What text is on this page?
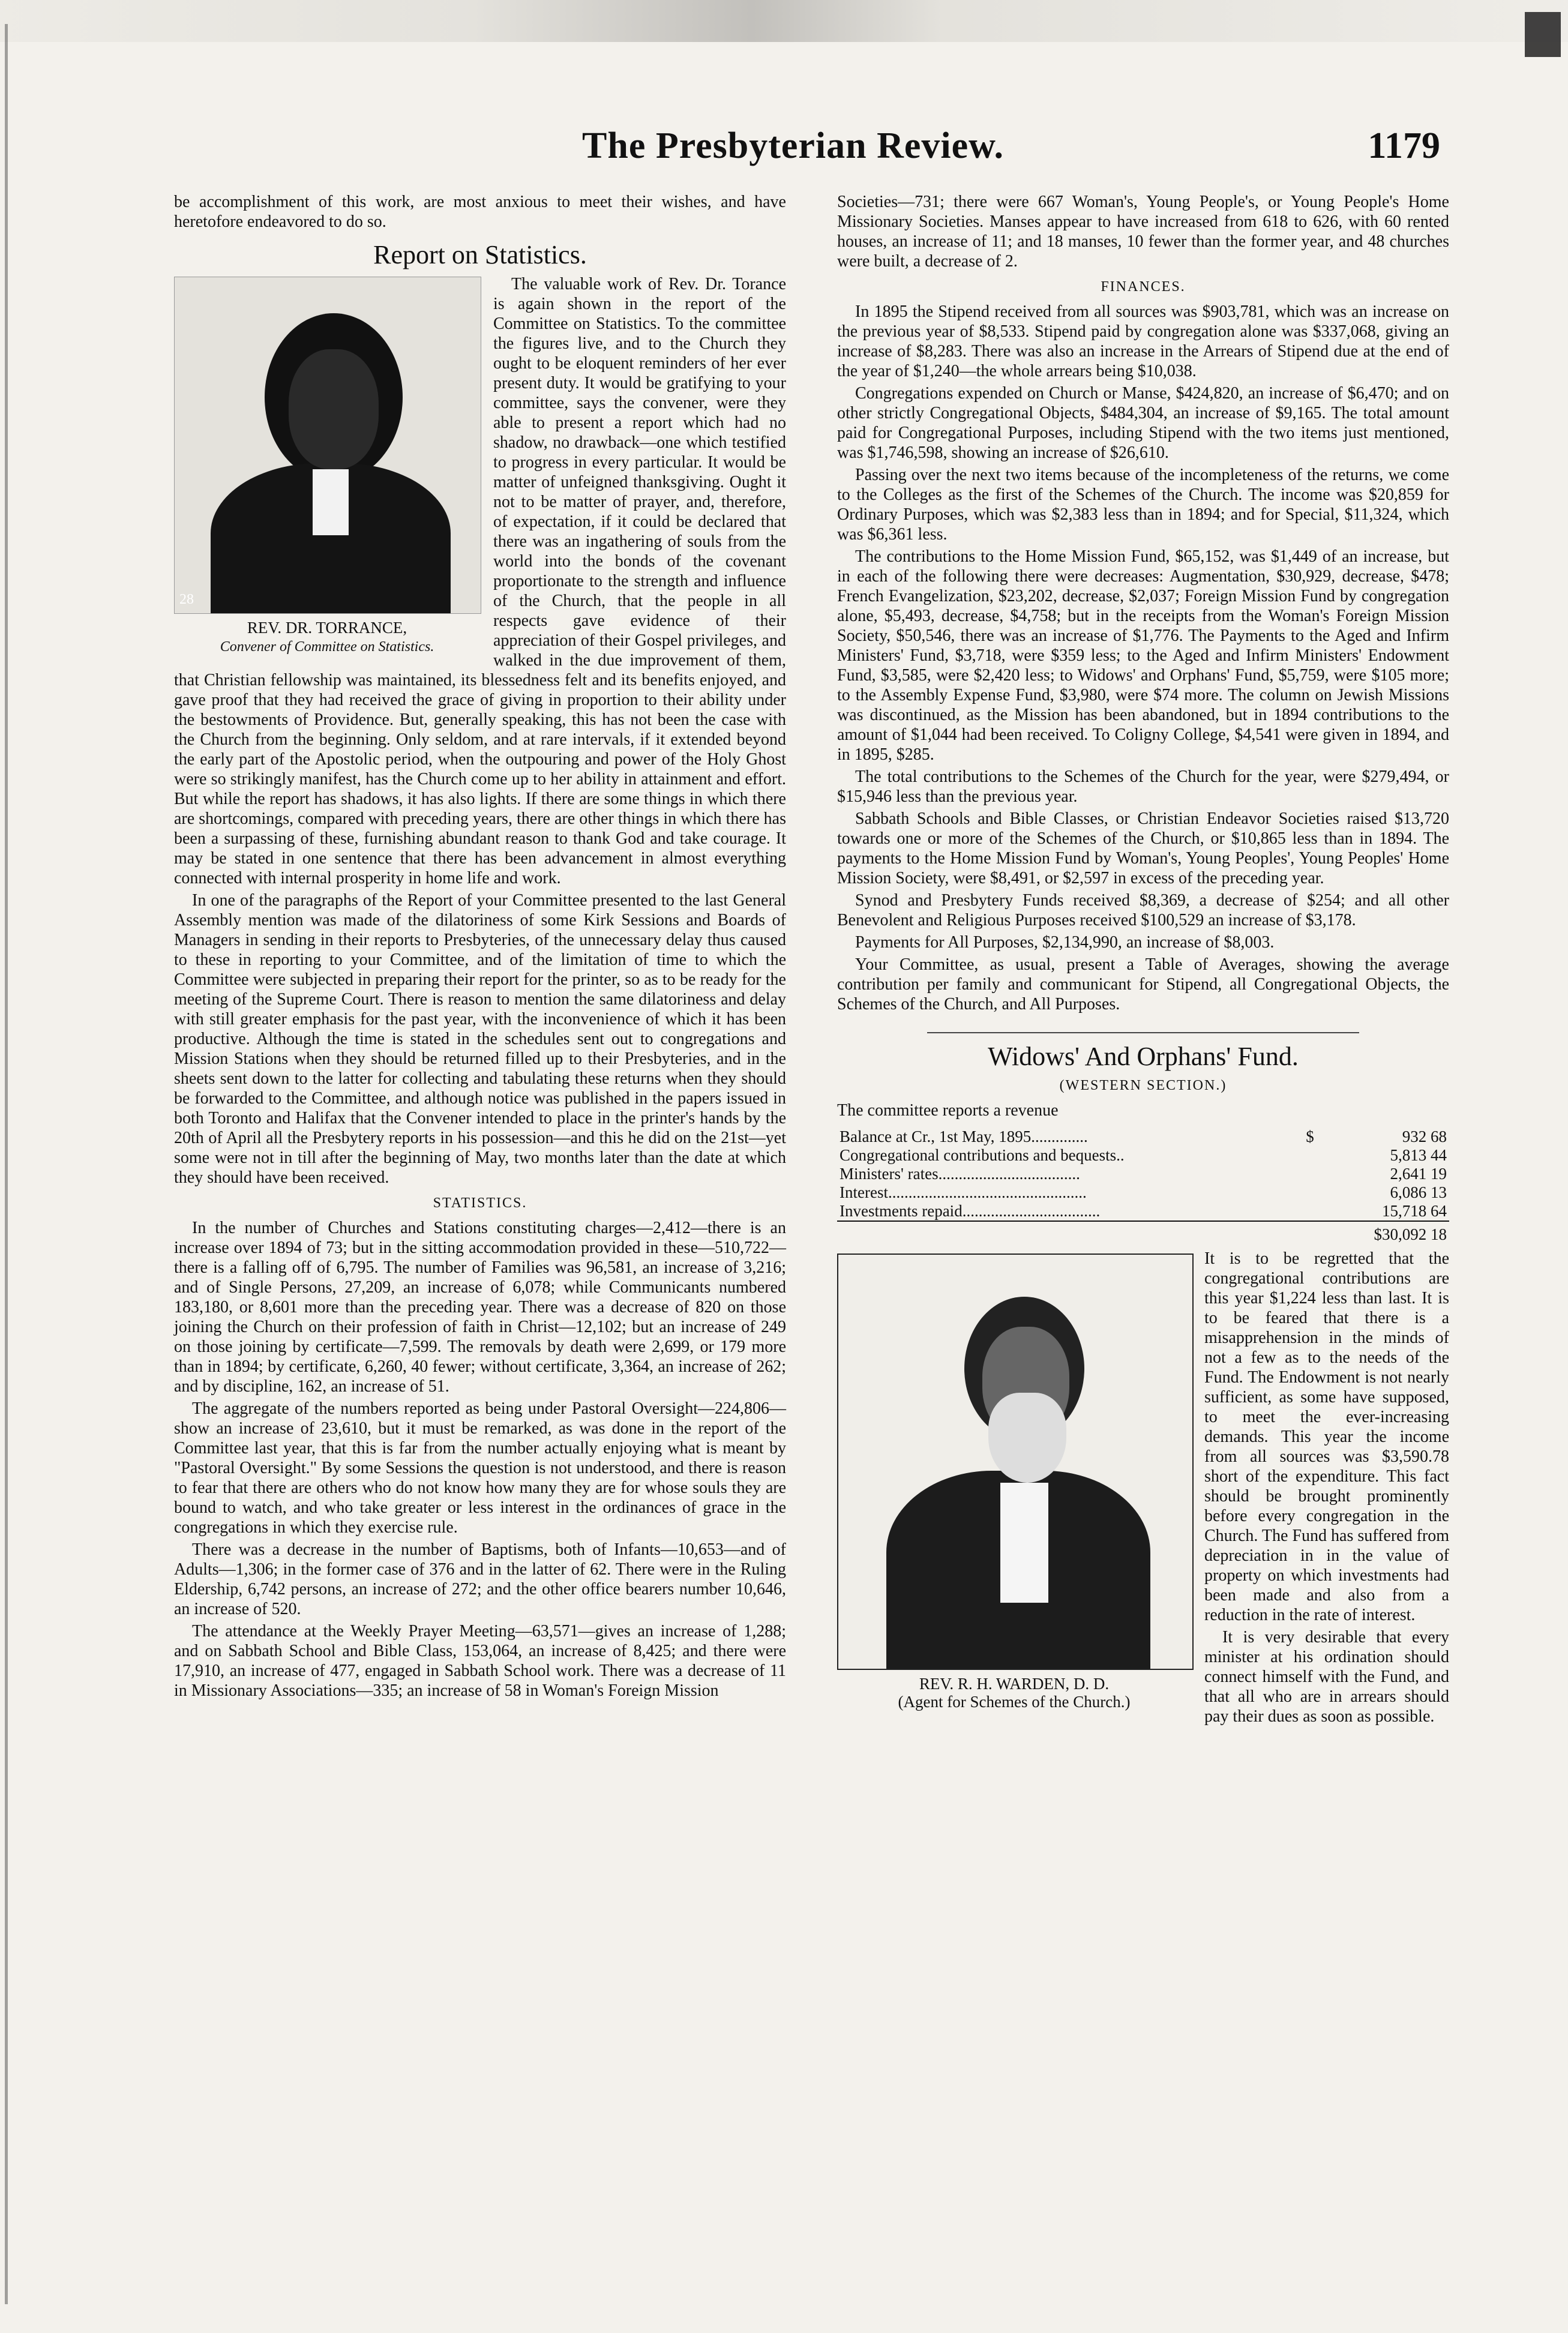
The Presbyterian Review.	1179

be accomplishment of this work, are most anxious to meet their wishes, and have heretofore endeavored to do so.

Report on Statistics.
28
REV. DR. TORRANCE,
Convener of Committee on Statistics.

The valuable work of Rev. Dr. Torance is again shown in the report of the Committee on Statistics. To the committee the figures live, and to the Church they ought to be eloquent reminders of her ever present duty. It would be gratifying to your committee, says the convener, were they able to present a report which had no shadow, no drawback—one which testified to progress in every particular. It would be matter of unfeigned thanksgiving. Ought it not to be matter of prayer, and, therefore, of expectation, if it could be declared that there was an ingathering of souls from the world into the bonds of the covenant proportionate to the strength and influence of the Church, that the people in all respects gave evidence of their appreciation of their Gospel privileges, and walked in the due improvement of them, that Christian fellowship was maintained, its blessedness felt and its benefits enjoyed, and gave proof that they had received the grace of giving in proportion to their ability under the bestowments of Providence. But, generally speaking, this has not been the case with the Church from the beginning. Only seldom, and at rare intervals, if it extended beyond the early part of the Apostolic period, when the outpouring and power of the Holy Ghost were so strikingly manifest, has the Church come up to her ability in attainment and effort. But while the report has shadows, it has also lights. If there are some things in which there are shortcomings, compared with preceding years, there are other things in which there has been a surpassing of these, furnishing abundant reason to thank God and take courage. It may be stated in one sentence that there has been advancement in almost everything connected with internal prosperity in home life and work.

In one of the paragraphs of the Report of your Committee presented to the last General Assembly mention was made of the dilatoriness of some Kirk Sessions and Boards of Managers in sending in their reports to Presbyteries, of the unnecessary delay thus caused to these in reporting to your Committee, and of the limitation of time to which the Committee were subjected in preparing their report for the printer, so as to be ready for the meeting of the Supreme Court. There is reason to mention the same dilatoriness and delay with still greater emphasis for the past year, with the inconvenience of which it has been productive. Although the time is stated in the schedules sent out to congregations and Mission Stations when they should be returned filled up to their Presbyteries, and in the sheets sent down to the latter for collecting and tabulating these returns when they should be forwarded to the Committee, and although notice was published in the papers issued in both Toronto and Halifax that the Convener intended to place in the printer's hands by the 20th of April all the Presbytery reports in his possession—and this he did on the 21st—yet some were not in till after the beginning of May, two months later than the date at which they should have been received.

STATISTICS.

In the number of Churches and Stations constituting charges—2,412—there is an increase over 1894 of 73; but in the sitting accommodation provided in these—510,722—there is a falling off of 6,795. The number of Families was 96,581, an increase of 3,216; and of Single Persons, 27,209, an increase of 6,078; while Communicants numbered 183,180, or 8,601 more than the preceding year. There was a decrease of 820 on those joining the Church on their profession of faith in Christ—12,102; but an increase of 249 on those joining by certificate—7,599. The removals by death were 2,699, or 179 more than in 1894; by certificate, 6,260, 40 fewer; without certificate, 3,364, an increase of 262; and by discipline, 162, an increase of 51.

The aggregate of the numbers reported as being under Pastoral Oversight—224,806—show an increase of 23,610, but it must be remarked, as was done in the report of the Committee last year, that this is far from the number actually enjoying what is meant by "Pastoral Oversight." By some Sessions the question is not understood, and there is reason to fear that there are others who do not know how many they are for whose souls they are bound to watch, and who take greater or less interest in the ordinances of grace in the congregations in which they exercise rule.

There was a decrease in the number of Baptisms, both of Infants—10,653—and of Adults—1,306; in the former case of 376 and in the latter of 62. There were in the Ruling Eldership, 6,742 persons, an increase of 272; and the other office bearers number 10,646, an increase of 520.

The attendance at the Weekly Prayer Meeting—63,571—gives an increase of 1,288; and on Sabbath School and Bible Class, 153,064, an increase of 8,425; and there were 17,910, an increase of 477, engaged in Sabbath School work. There was a decrease of 11 in Missionary Associations—335; an increase of 58 in Woman's Foreign Mission

Societies—731; there were 667 Woman's, Young People's, or Young People's Home Missionary Societies. Manses appear to have increased from 618 to 626, with 60 rented houses, an increase of 11; and 18 manses, 10 fewer than the former year, and 48 churches were built, a decrease of 2.

FINANCES.

In 1895 the Stipend received from all sources was $903,781, which was an increase on the previous year of $8,533. Stipend paid by congregation alone was $337,068, giving an increase of $8,283. There was also an increase in the Arrears of Stipend due at the end of the year of $1,240—the whole arrears being $10,038.

Congregations expended on Church or Manse, $424,820, an increase of $6,470; and on other strictly Congregational Objects, $484,304, an increase of $9,165. The total amount paid for Congregational Purposes, including Stipend with the two items just mentioned, was $1,746,598, showing an increase of $26,610.

Passing over the next two items because of the incompleteness of the returns, we come to the Colleges as the first of the Schemes of the Church. The income was $20,859 for Ordinary Purposes, which was $2,383 less than in 1894; and for Special, $11,324, which was $6,361 less.

The contributions to the Home Mission Fund, $65,152, was $1,449 of an increase, but in each of the following there were decreases: Augmentation, $30,929, decrease, $478; French Evangelization, $23,202, decrease, $2,037; Foreign Mission Fund by congregation alone, $5,493, decrease, $4,758; but in the receipts from the Woman's Foreign Mission Society, $50,546, there was an increase of $1,776. The Payments to the Aged and Infirm Ministers' Fund, $3,718, were $359 less; to the Aged and Infirm Ministers' Endowment Fund, $3,585, were $2,420 less; to Widows' and Orphans' Fund, $5,759, were $105 more; to the Assembly Expense Fund, $3,980, were $74 more. The column on Jewish Missions was discontinued, as the Mission has been abandoned, but in 1894 contributions to the amount of $1,044 had been received. To Coligny College, $4,541 were given in 1894, and in 1895, $285.

The total contributions to the Schemes of the Church for the year, were $279,494, or $15,946 less than the previous year.

Sabbath Schools and Bible Classes, or Christian Endeavor Societies raised $13,720 towards one or more of the Schemes of the Church, or $10,865 less than in 1894. The payments to the Home Mission Fund by Woman's, Young Peoples', Young Peoples' Home Mission Society, were $8,491, or $2,597 in excess of the preceding year.

Synod and Presbytery Funds received $8,369, a decrease of $254; and all other Benevolent and Religious Purposes received $100,529 an increase of $3,178.

Payments for All Purposes, $2,134,990, an increase of $8,003.

Your Committee, as usual, present a Table of Averages, showing the average contribution per family and communicant for Stipend, all Congregational Objects, the Schemes of the Church, and All Purposes.

Widows' And Orphans' Fund.
(WESTERN SECTION.)

The committee reports a revenue

Balance at Cr., 1st May, 1895..............	$	932 68
Congregational contributions and bequests..		5,813 44
Ministers' rates...................................		2,641 19
Interest.................................................		6,086 13
Investments repaid..................................		15,718 64
		$30,092 18

REV. R. H. WARDEN, D. D.
(Agent for Schemes of the Church.)
It is to be regretted that the congregational contributions are this year $1,224 less than last. It is to be feared that there is a misapprehension in the minds of not a few as to the needs of the Fund. The Endowment is not nearly sufficient, as some have supposed, to meet the ever-increasing demands. This year the income from all sources was $3,590.78 short of the expenditure. This fact should be brought prominently before every congregation in the Church. The Fund has suffered from depreciation in in the value of property on which investments had been made and also from a reduction in the rate of interest.

It is very desirable that every minister at his ordination should connect himself with the Fund, and that all who are in arrears should pay their dues as soon as possible.
